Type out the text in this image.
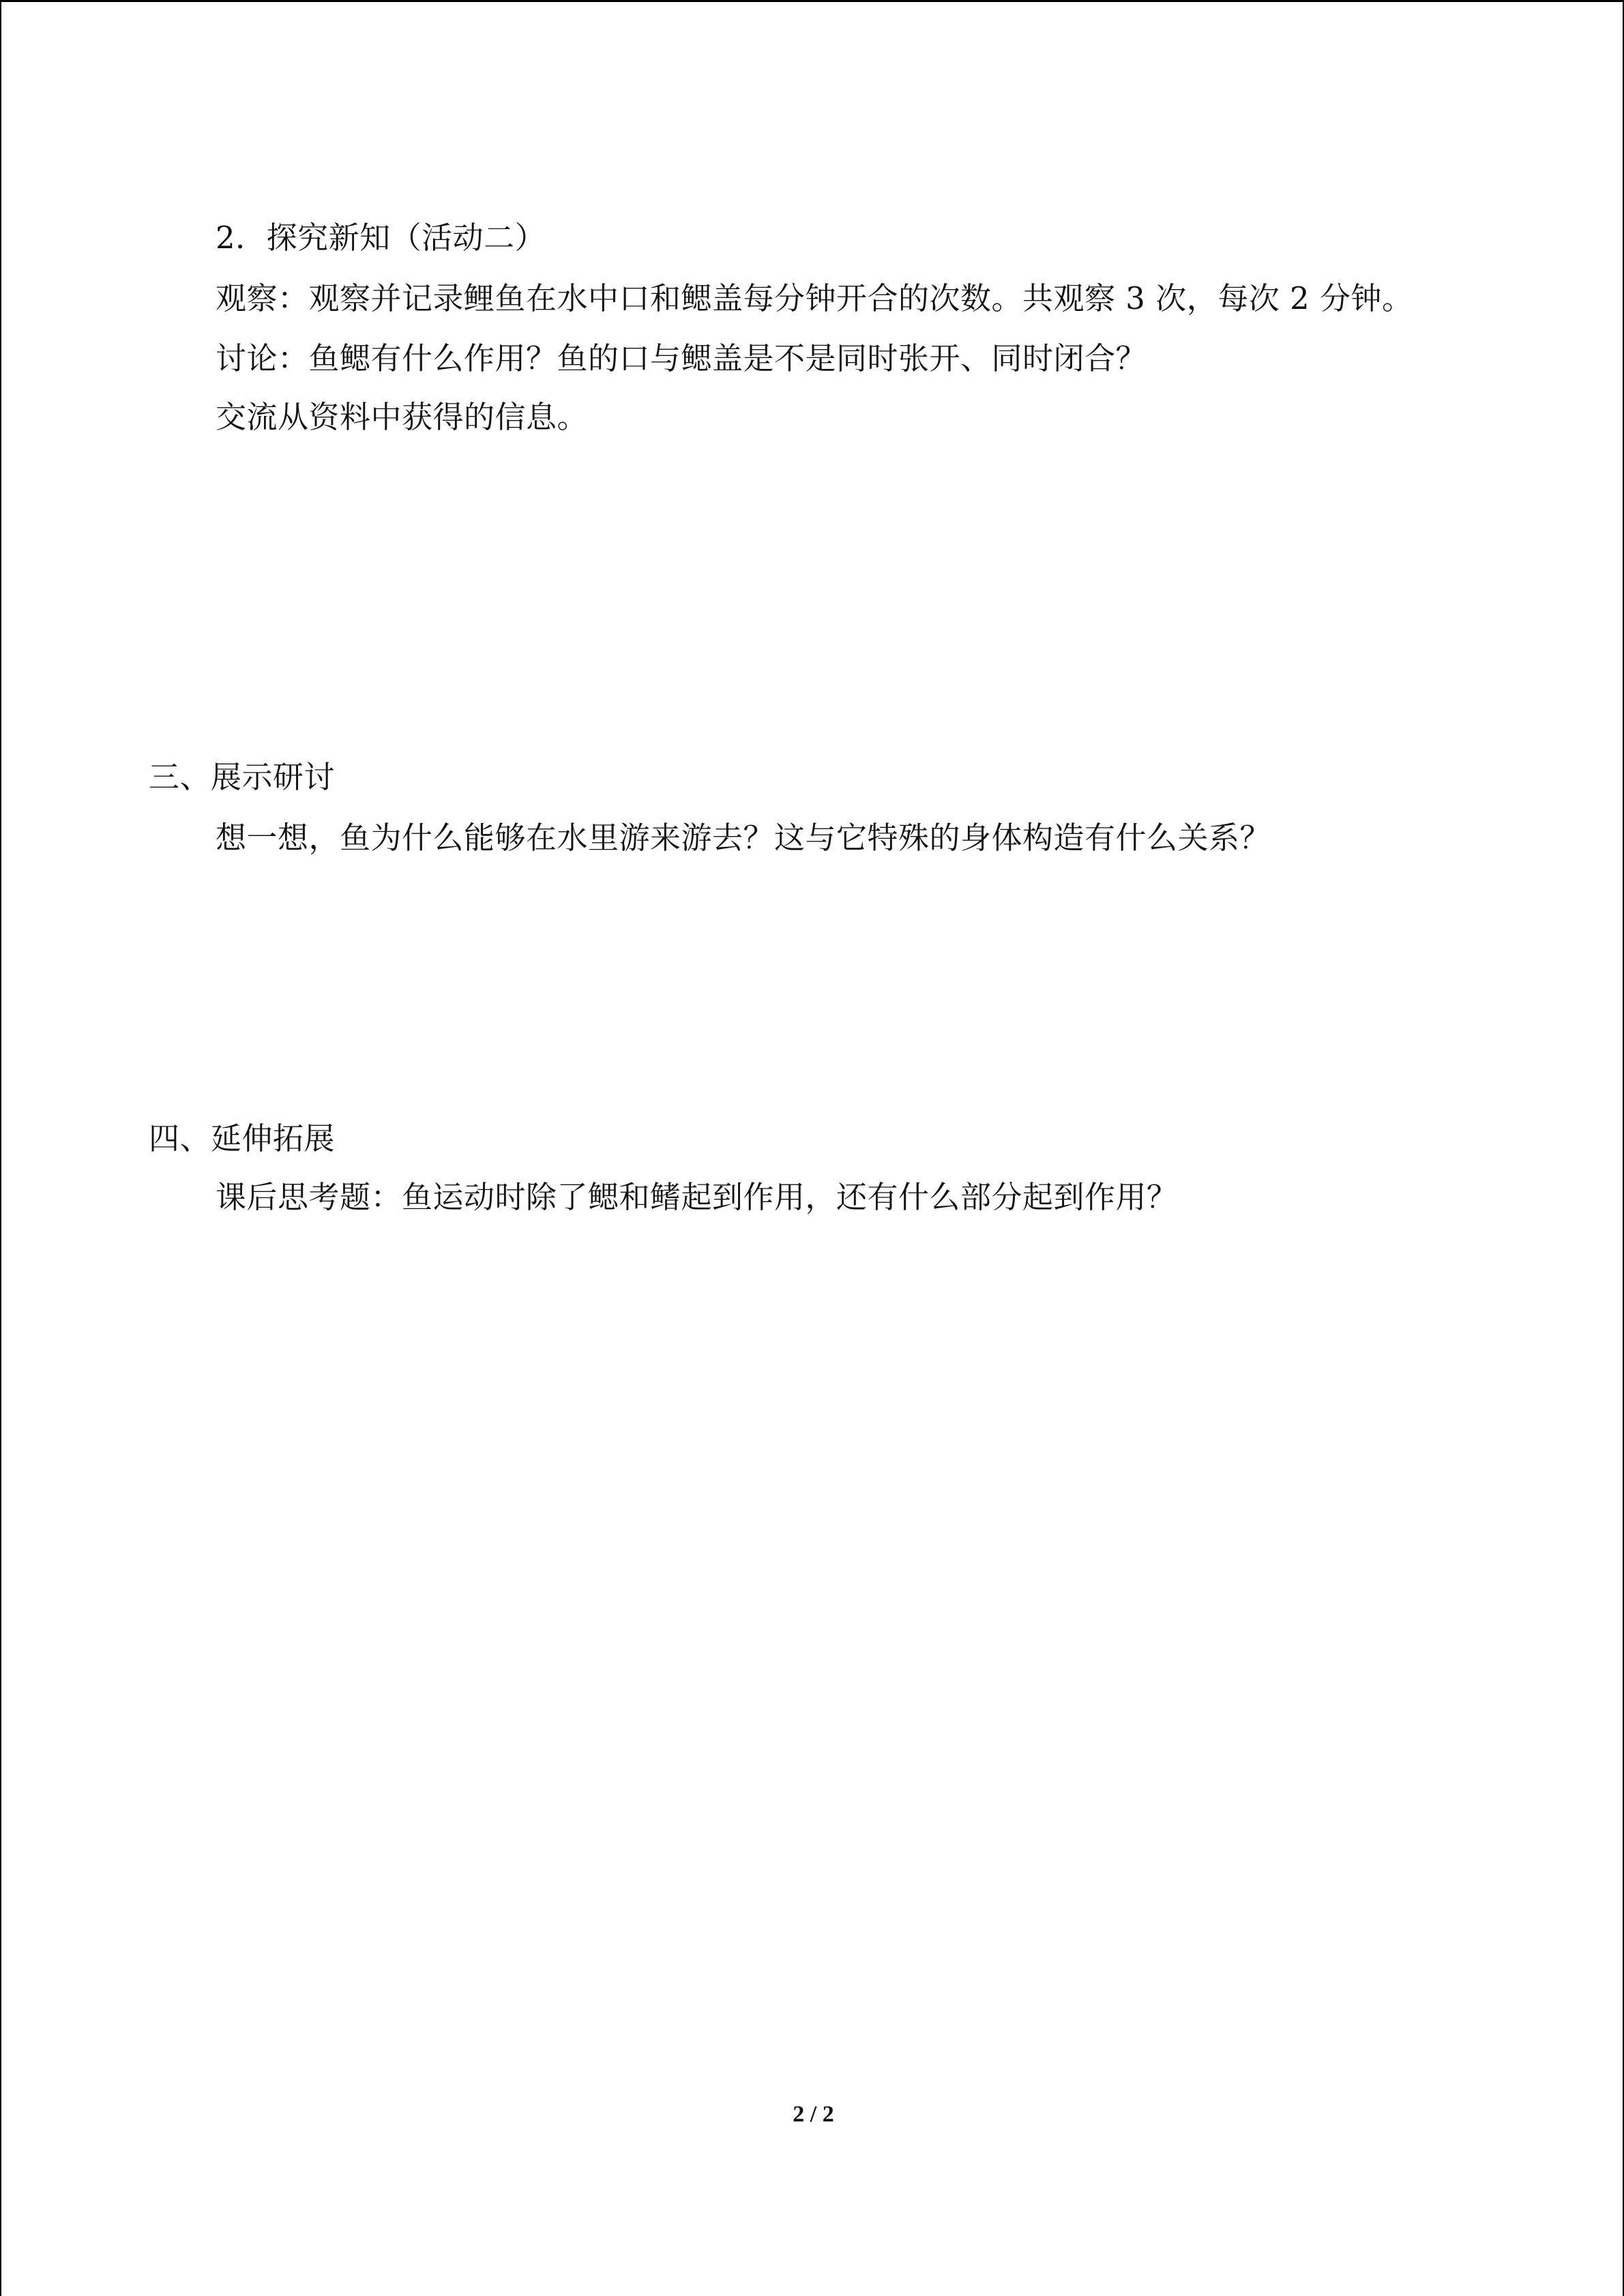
2．探究新知（活动二）
观察：观察并记录鲤鱼在水中口和鳃盖每分钟开合的次数。共观察 3 次，每次 2 分钟。
讨论：鱼鳃有什么作用？鱼的口与鳃盖是不是同时张开、同时闭合？
交流从资料中获得的信息。
三、展示研讨
想一想，鱼为什么能够在水里游来游去？这与它特殊的身体构造有什么关系？
四、延伸拓展
课后思考题：鱼运动时除了鳃和鳍起到作用，还有什么部分起到作用？
2 / 2
